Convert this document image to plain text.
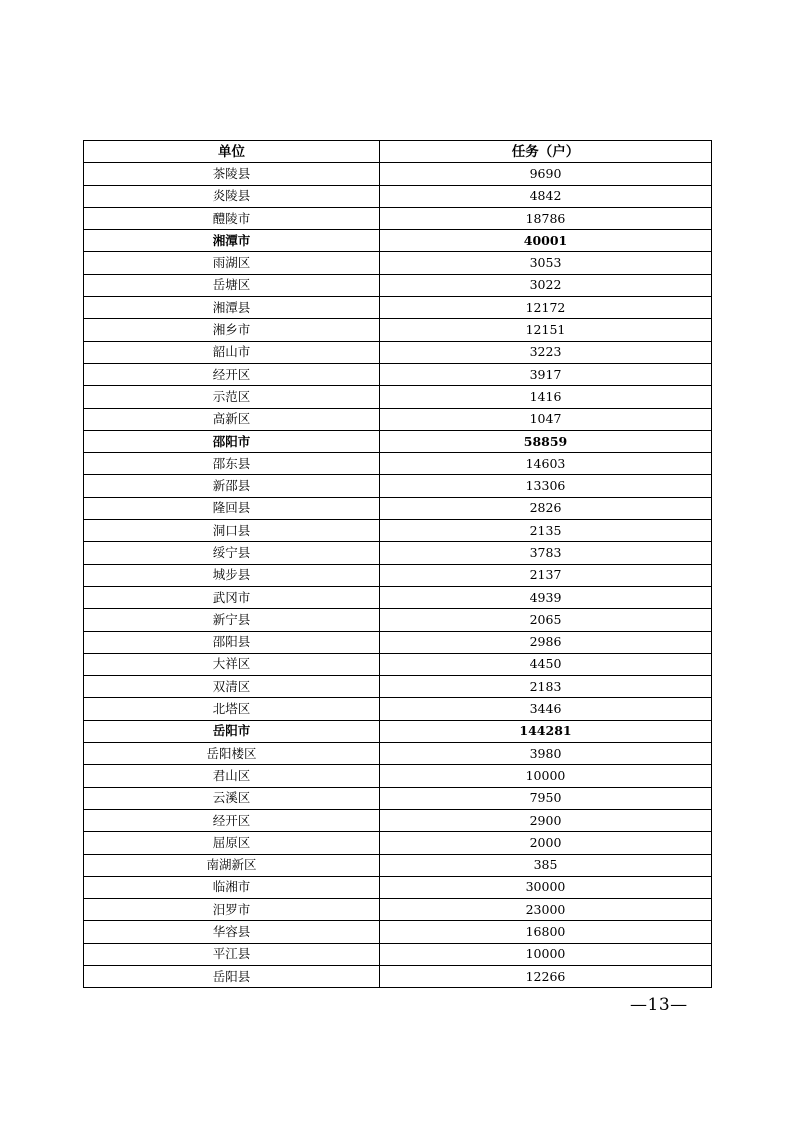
单位	任务（户）
茶陵县	9690
炎陵县	4842
醴陵市	18786
湘潭市	40001
雨湖区	3053
岳塘区	3022
湘潭县	12172
湘乡市	12151
韶山市	3223
经开区	3917
示范区	1416
高新区	1047
邵阳市	58859
邵东县	14603
新邵县	13306
隆回县	2826
洞口县	2135
绥宁县	3783
城步县	2137
武冈市	4939
新宁县	2065
邵阳县	2986
大祥区	4450
双清区	2183
北塔区	3446
岳阳市	144281
岳阳楼区	3980
君山区	10000
云溪区	7950
经开区	2900
屈原区	2000
南湖新区	385
临湘市	30000
汨罗市	23000
华容县	16800
平江县	10000
岳阳县	12266
—13—
